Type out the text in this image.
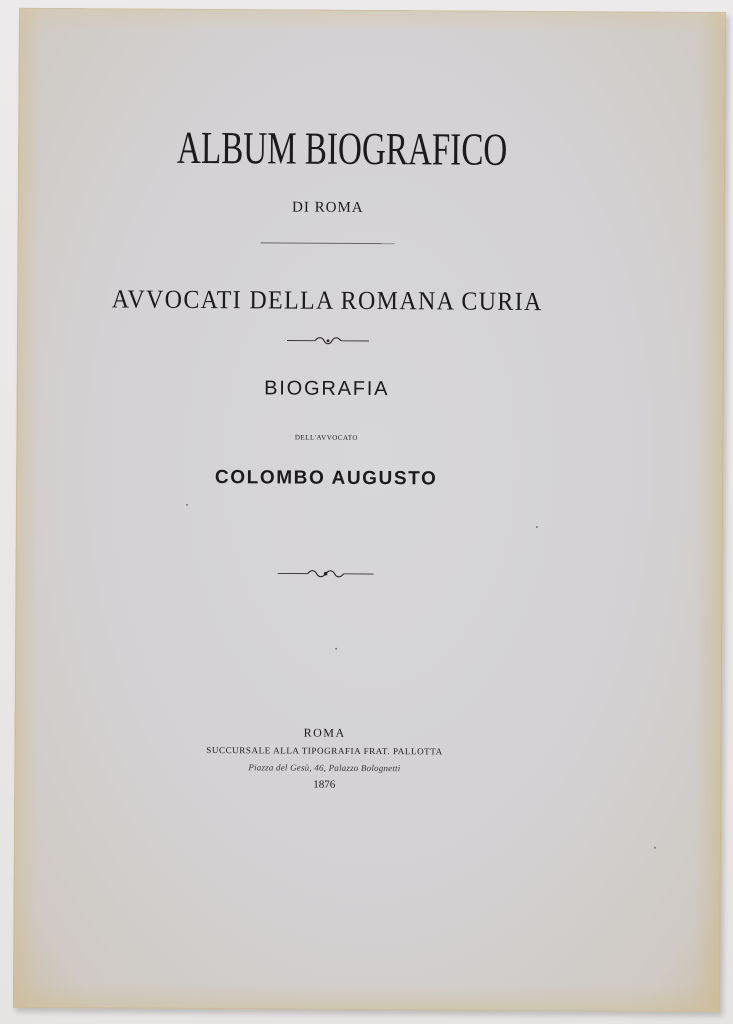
ALBUM BIOGRAFICO
DI ROMA
AVVOCATI DELLA ROMANA CURIA
BIOGRAFIA
DELL'AVVOCATO
COLOMBO AUGUSTO
ROMA
SUCCURSALE ALLA TIPOGRAFIA FRAT. PALLOTTA
Piazza del Gesù, 46, Palazzo Bolognetti
1876
